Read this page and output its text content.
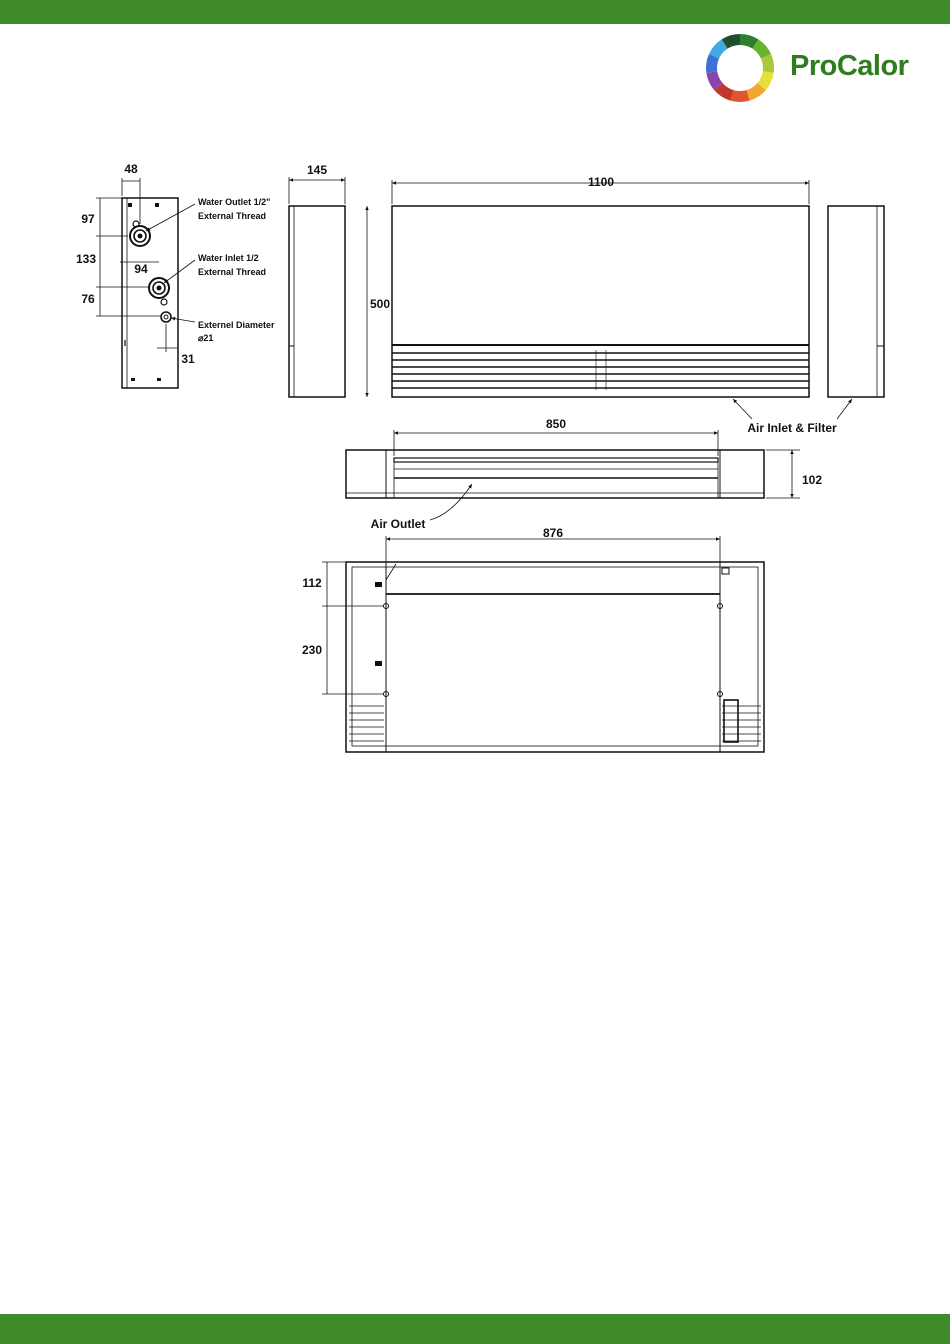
ProCalor
48
97
133
76
94
31
Water Outlet 1/2"
External Thread
Water Inlet 1/2
External Thread
Externel Diameter
⌀21
145
1100
500
Air Inlet & Filter
850
102
Air Outlet
876
112
230
